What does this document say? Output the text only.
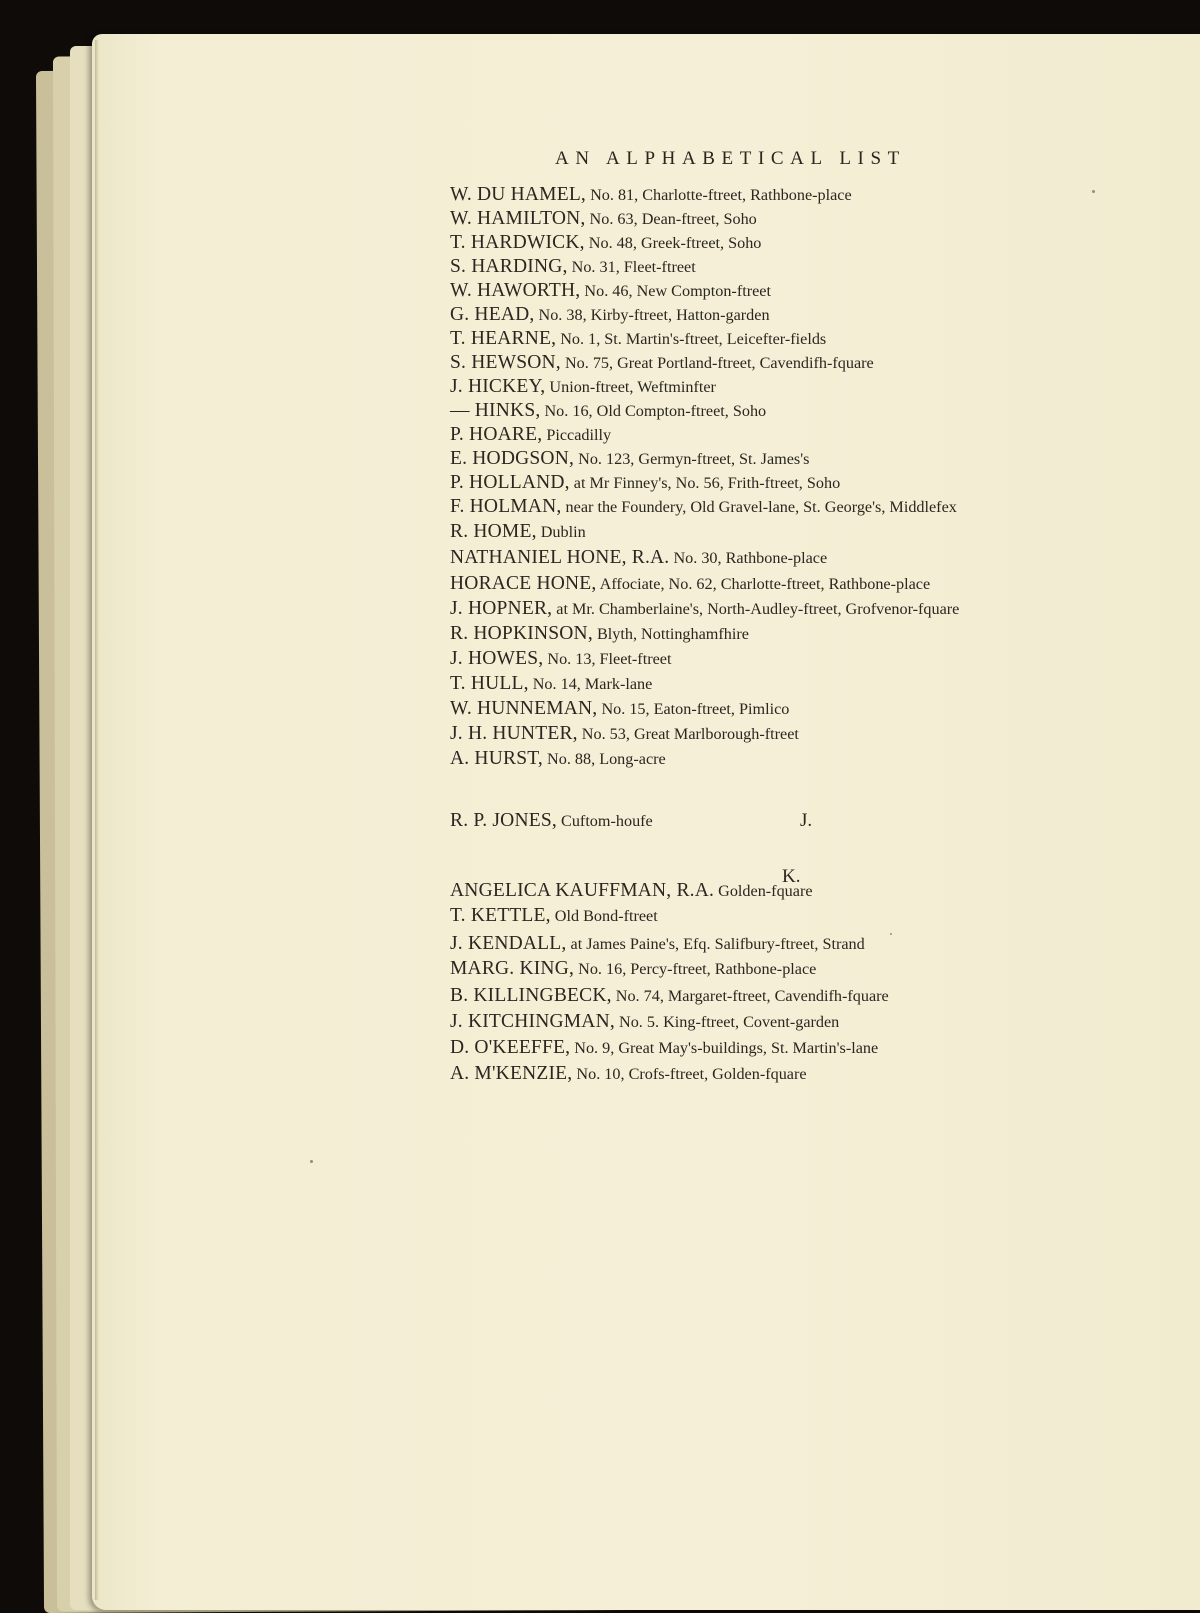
AN ALPHABETICAL LIST
W. DU HAMEL, No. 81, Charlotte-ftreet, Rathbone-place
W. HAMILTON, No. 63, Dean-ftreet, Soho
T. HARDWICK, No. 48, Greek-ftreet, Soho
S. HARDING, No. 31, Fleet-ftreet
W. HAWORTH, No. 46, New Compton-ftreet
G. HEAD, No. 38, Kirby-ftreet, Hatton-garden
T. HEARNE, No. 1, St. Martin's-ftreet, Leicefter-fields
S. HEWSON, No. 75, Great Portland-ftreet, Cavendifh-fquare
J. HICKEY, Union-ftreet, Weftminfter
— HINKS, No. 16, Old Compton-ftreet, Soho
P. HOARE, Piccadilly
E. HODGSON, No. 123, Germyn-ftreet, St. James's
P. HOLLAND, at Mr Finney's, No. 56, Frith-ftreet, Soho
F. HOLMAN, near the Foundery, Old Gravel-lane, St. George's, Middlefex
R. HOME, Dublin
NATHANIEL HONE, R.A. No. 30, Rathbone-place
HORACE HONE, Affociate, No. 62, Charlotte-ftreet, Rathbone-place
J. HOPNER, at Mr. Chamberlaine's, North-Audley-ftreet, Grofvenor-fquare
R. HOPKINSON, Blyth, Nottinghamfhire
J. HOWES, No. 13, Fleet-ftreet
T. HULL, No. 14, Mark-lane
W. HUNNEMAN, No. 15, Eaton-ftreet, Pimlico
J. H. HUNTER, No. 53, Great Marlborough-ftreet
A. HURST, No. 88, Long-acre
R. P. JONES, Cuftom-houfe
ANGELICA KAUFFMAN, R.A. Golden-fquare
T. KETTLE, Old Bond-ftreet
J. KENDALL, at James Paine's, Efq. Salifbury-ftreet, Strand
MARG. KING, No. 16, Percy-ftreet, Rathbone-place
B. KILLINGBECK, No. 74, Margaret-ftreet, Cavendifh-fquare
J. KITCHINGMAN, No. 5. King-ftreet, Covent-garden
D. O'KEEFFE, No. 9, Great May's-buildings, St. Martin's-lane
A. M'KENZIE, No. 10, Crofs-ftreet, Golden-fquare
J.
K.
